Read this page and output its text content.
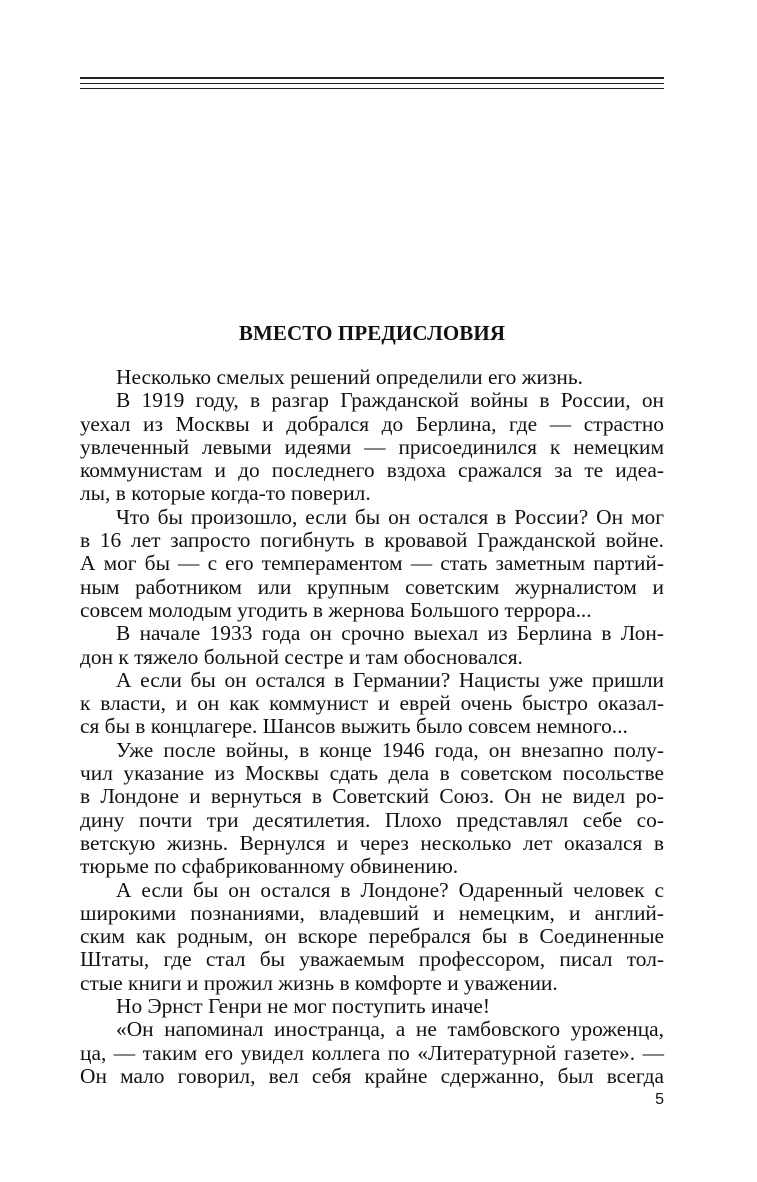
ВМЕСТО ПРЕДИСЛОВИЯ

Несколько смелых решений определили его жизнь.

В 1919 году, в разгар Гражданской войны в России, он

уехал из Москвы и добрался до Берлина, где — страстно

увлеченный левыми идеями — присоединился к немецким

коммунистам и до последнего вздоха сражался за те идеа-

лы, в которые когда-то поверил.

Что бы произошло, если бы он остался в России? Он мог

в 16 лет запросто погибнуть в кровавой Гражданской войне.

А мог бы — с его темпераментом — стать заметным партий-

ным работником или крупным советским журналистом и

совсем молодым угодить в жернова Большого террора...

В начале 1933 года он срочно выехал из Берлина в Лон-

дон к тяжело больной сестре и там обосновался.

А если бы он остался в Германии? Нацисты уже пришли

к власти, и он как коммунист и еврей очень быстро оказал-

ся бы в концлагере. Шансов выжить было совсем немного...

Уже после войны, в конце 1946 года, он внезапно полу-

чил указание из Москвы сдать дела в советском посольстве

в Лондоне и вернуться в Советский Союз. Он не видел ро-

дину почти три десятилетия. Плохо представлял себе со-

ветскую жизнь. Вернулся и через несколько лет оказался в

тюрьме по сфабрикованному обвинению.

А если бы он остался в Лондоне? Одаренный человек с

широкими познаниями, владевший и немецким, и англий-

ским как родным, он вскоре перебрался бы в Соединенные

Штаты, где стал бы уважаемым профессором, писал тол-

стые книги и прожил жизнь в комфорте и уважении.

Но Эрнст Генри не мог поступить иначе!

«Он напоминал иностранца, а не тамбовского уроженца,

ца, — таким его увидел коллега по «Литературной газете». —

Он мало говорил, вел себя крайне сдержанно, был всегда

5
